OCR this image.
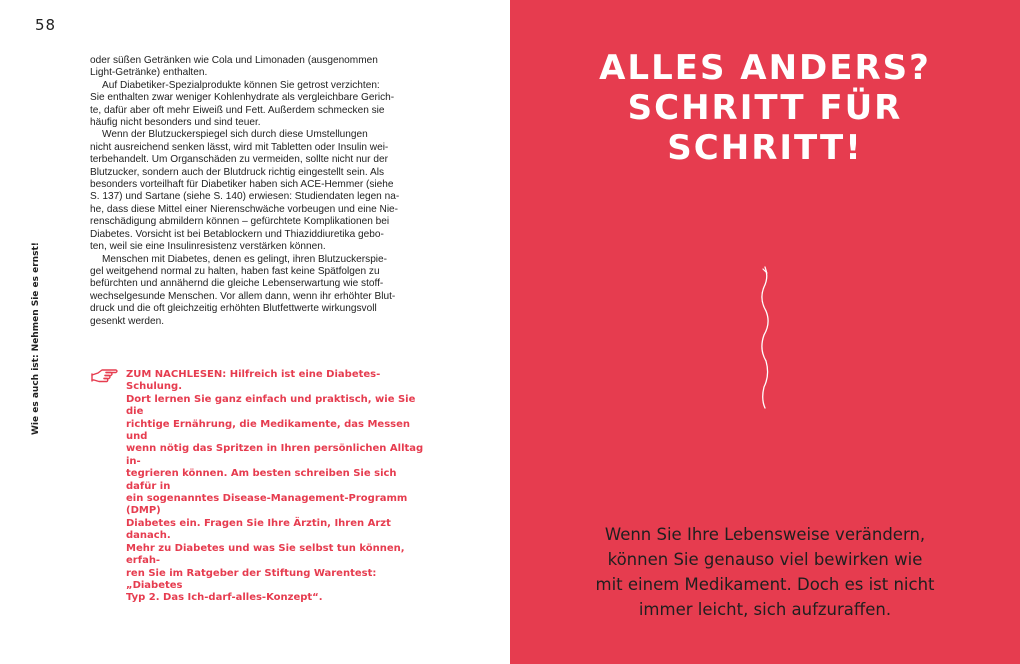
58
Wie es auch ist: Nehmen Sie es ernst!

oder süßen Getränken wie Cola und Limonaden (ausgenommen
Light-Getränke) enthalten.

Auf Diabetiker-Spezialprodukte können Sie getrost verzichten:
Sie enthalten zwar weniger Kohlenhydrate als vergleichbare Gerich-
te, dafür aber oft mehr Eiweiß und Fett. Außerdem schmecken sie
häufig nicht besonders und sind teuer.

Wenn der Blutzuckerspiegel sich durch diese Umstellungen
nicht ausreichend senken lässt, wird mit Tabletten oder Insulin wei-
terbehandelt. Um Organschäden zu vermeiden, sollte nicht nur der
Blutzucker, sondern auch der Blutdruck richtig eingestellt sein. Als
besonders vorteilhaft für Diabetiker haben sich ACE-Hemmer (siehe
S. 137) und Sartane (siehe S. 140) erwiesen: Studiendaten legen na-
he, dass diese Mittel einer Nierenschwäche vorbeugen und eine Nie-
renschädigung abmildern können – gefürchtete Komplikationen bei
Diabetes. Vorsicht ist bei Betablockern und Thiaziddiuretika gebo-
ten, weil sie eine Insulinresistenz verstärken können.

Menschen mit Diabetes, denen es gelingt, ihren Blutzuckerspie-
gel weitgehend normal zu halten, haben fast keine Spätfolgen zu
befürchten und annähernd die gleiche Lebenserwartung wie stoff-
wechselgesunde Menschen. Vor allem dann, wenn ihr erhöhter Blut-
druck und die oft gleichzeitig erhöhten Blutfettwerte wirkungsvoll
gesenkt werden.

ZUM NACHLESEN: Hilfreich ist eine Diabetes-Schulung.
Dort lernen Sie ganz einfach und praktisch, wie Sie die
richtige Ernährung, die Medikamente, das Messen und
wenn nötig das Spritzen in Ihren persönlichen Alltag in-
tegrieren können. Am besten schreiben Sie sich dafür in
ein sogenanntes Disease-Management-Programm (DMP)
Diabetes ein. Fragen Sie Ihre Ärztin, Ihren Arzt danach.
Mehr zu Diabetes und was Sie selbst tun können, erfah-
ren Sie im Ratgeber der Stiftung Warentest: „Diabetes
Typ 2. Das Ich-darf-alles-Konzept“.
ALLES ANDERS?
SCHRITT FÜR
SCHRITT!
Wenn Sie Ihre Lebensweise verändern,
können Sie genauso viel bewirken wie
mit einem Medikament. Doch es ist nicht
immer leicht, sich aufzuraffen.
